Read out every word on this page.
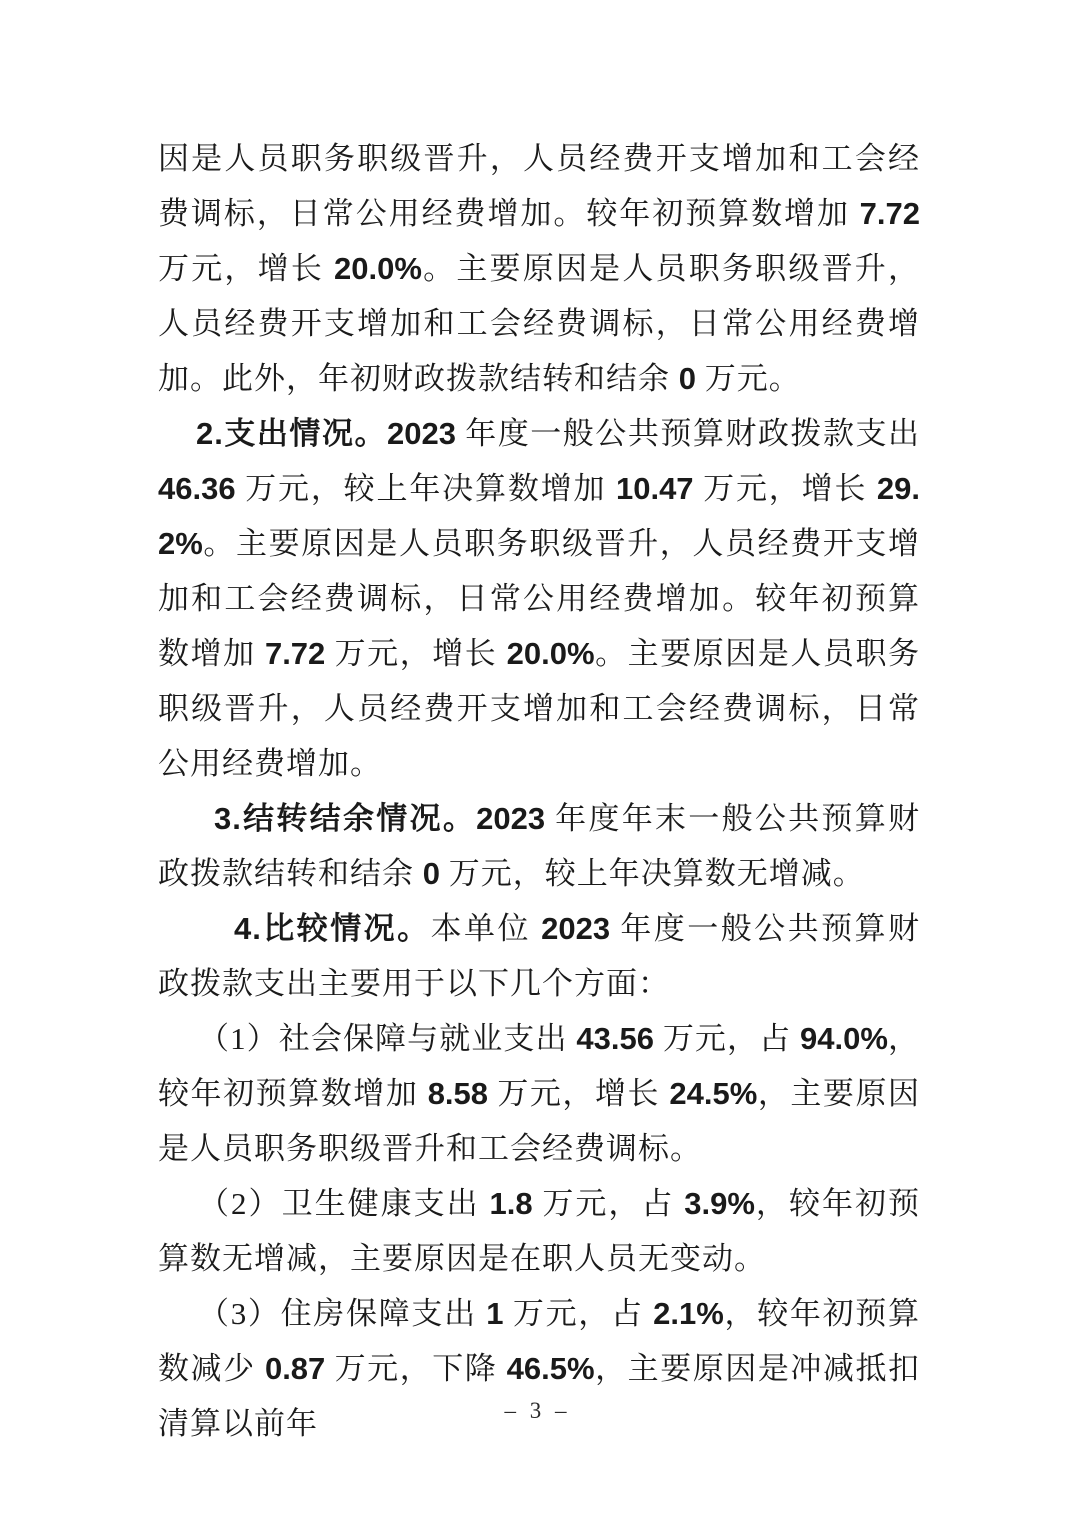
因是人员职务职级晋升，人员经费开支增加和工会经费调标，日常公用经费增加。较年初预算数增加 7.72 万元，增长 20.0%。主要原因是人员职务职级晋升，人员经费开支增加和工会经费调标，日常公用经费增加。此外，年初财政拨款结转和结余 0 万元。

2.支出情况。2023 年度一般公共预算财政拨款支出 46.36 万元，较上年决算数增加 10.47 万元，增长 29.2%。主要原因是人员职务职级晋升，人员经费开支增加和工会经费调标，日常公用经费增加。较年初预算数增加 7.72 万元，增长 20.0%。主要原因是人员职务职级晋升，人员经费开支增加和工会经费调标，日常公用经费增加。

3.结转结余情况。2023 年度年末一般公共预算财政拨款结转和结余 0 万元，较上年决算数无增减。

4.比较情况。本单位 2023 年度一般公共预算财政拨款支出主要用于以下几个方面：

（1）社会保障与就业支出 43.56 万元，占 94.0%，较年初预算数增加 8.58 万元，增长 24.5%，主要原因是人员职务职级晋升和工会经费调标。

（2）卫生健康支出 1.8 万元，占 3.9%，较年初预算数无增减，主要原因是在职人员无变动。

（3）住房保障支出 1 万元，占 2.1%，较年初预算数减少 0.87 万元，下降 46.5%，主要原因是冲减抵扣清算以前年	– 3 –
